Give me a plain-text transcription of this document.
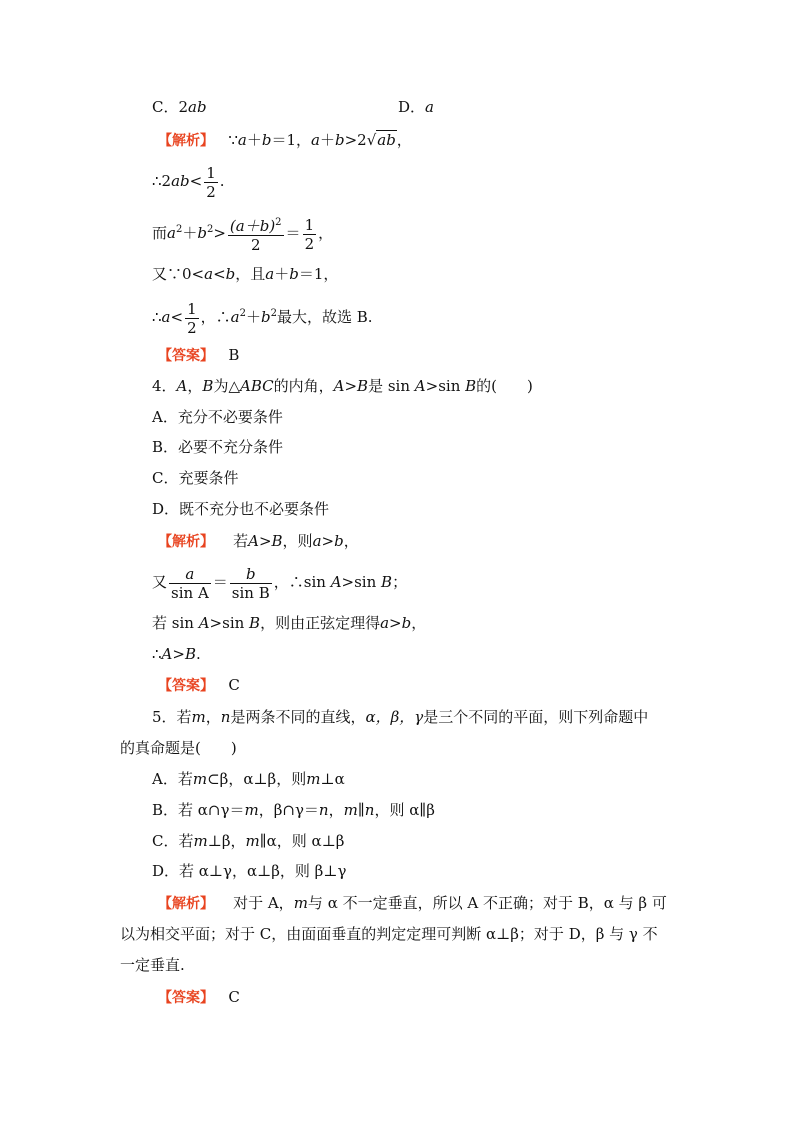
C．2ab	D．a
【解析】 ∵a＋b＝1，a＋b>2√ab，
∴2ab< $\frac{1}{2}$ .
而$a^2+b^2> \frac{(a+b)^2}{2} = \frac{1}{2}$ ，
又∵0<a<b，且a＋b＝1，
∴a< $\frac{1}{2}$ ，$\therefore a^2+b^2$最大，故选 B.
【答案】 B
4．A，B为△ABC的内角，A>B是 sin A>sin B的(　　)
A．充分不必要条件
B．必要不充分条件
C．充要条件
D．既不充分也不必要条件
【解析】 若A>B，则a>b，
又 $\frac{a}{\text{sin A}} = \frac{b}{\text{sin B}}$ ，∴sin A>sin B；
若 sin A>sin B，则由正弦定理得a>b，
∴A>B.
【答案】 C
5．若m，n是两条不同的直线，α，β，γ是三个不同的平面，则下列命题中
的真命题是(　　)
A．若m⊂β，α⊥β，则m⊥α
B．若 α∩γ＝m，β∩γ＝n，m∥n，则 α∥β
C．若m⊥β，m∥α，则 α⊥β
D．若 α⊥γ，α⊥β，则 β⊥γ
【解析】 对于 A，m与 α 不一定垂直，所以 A 不正确；对于 B，α 与 β 可
以为相交平面；对于 C，由面面垂直的判定定理可判断 α⊥β；对于 D，β 与 γ 不
一定垂直.
【答案】 C
